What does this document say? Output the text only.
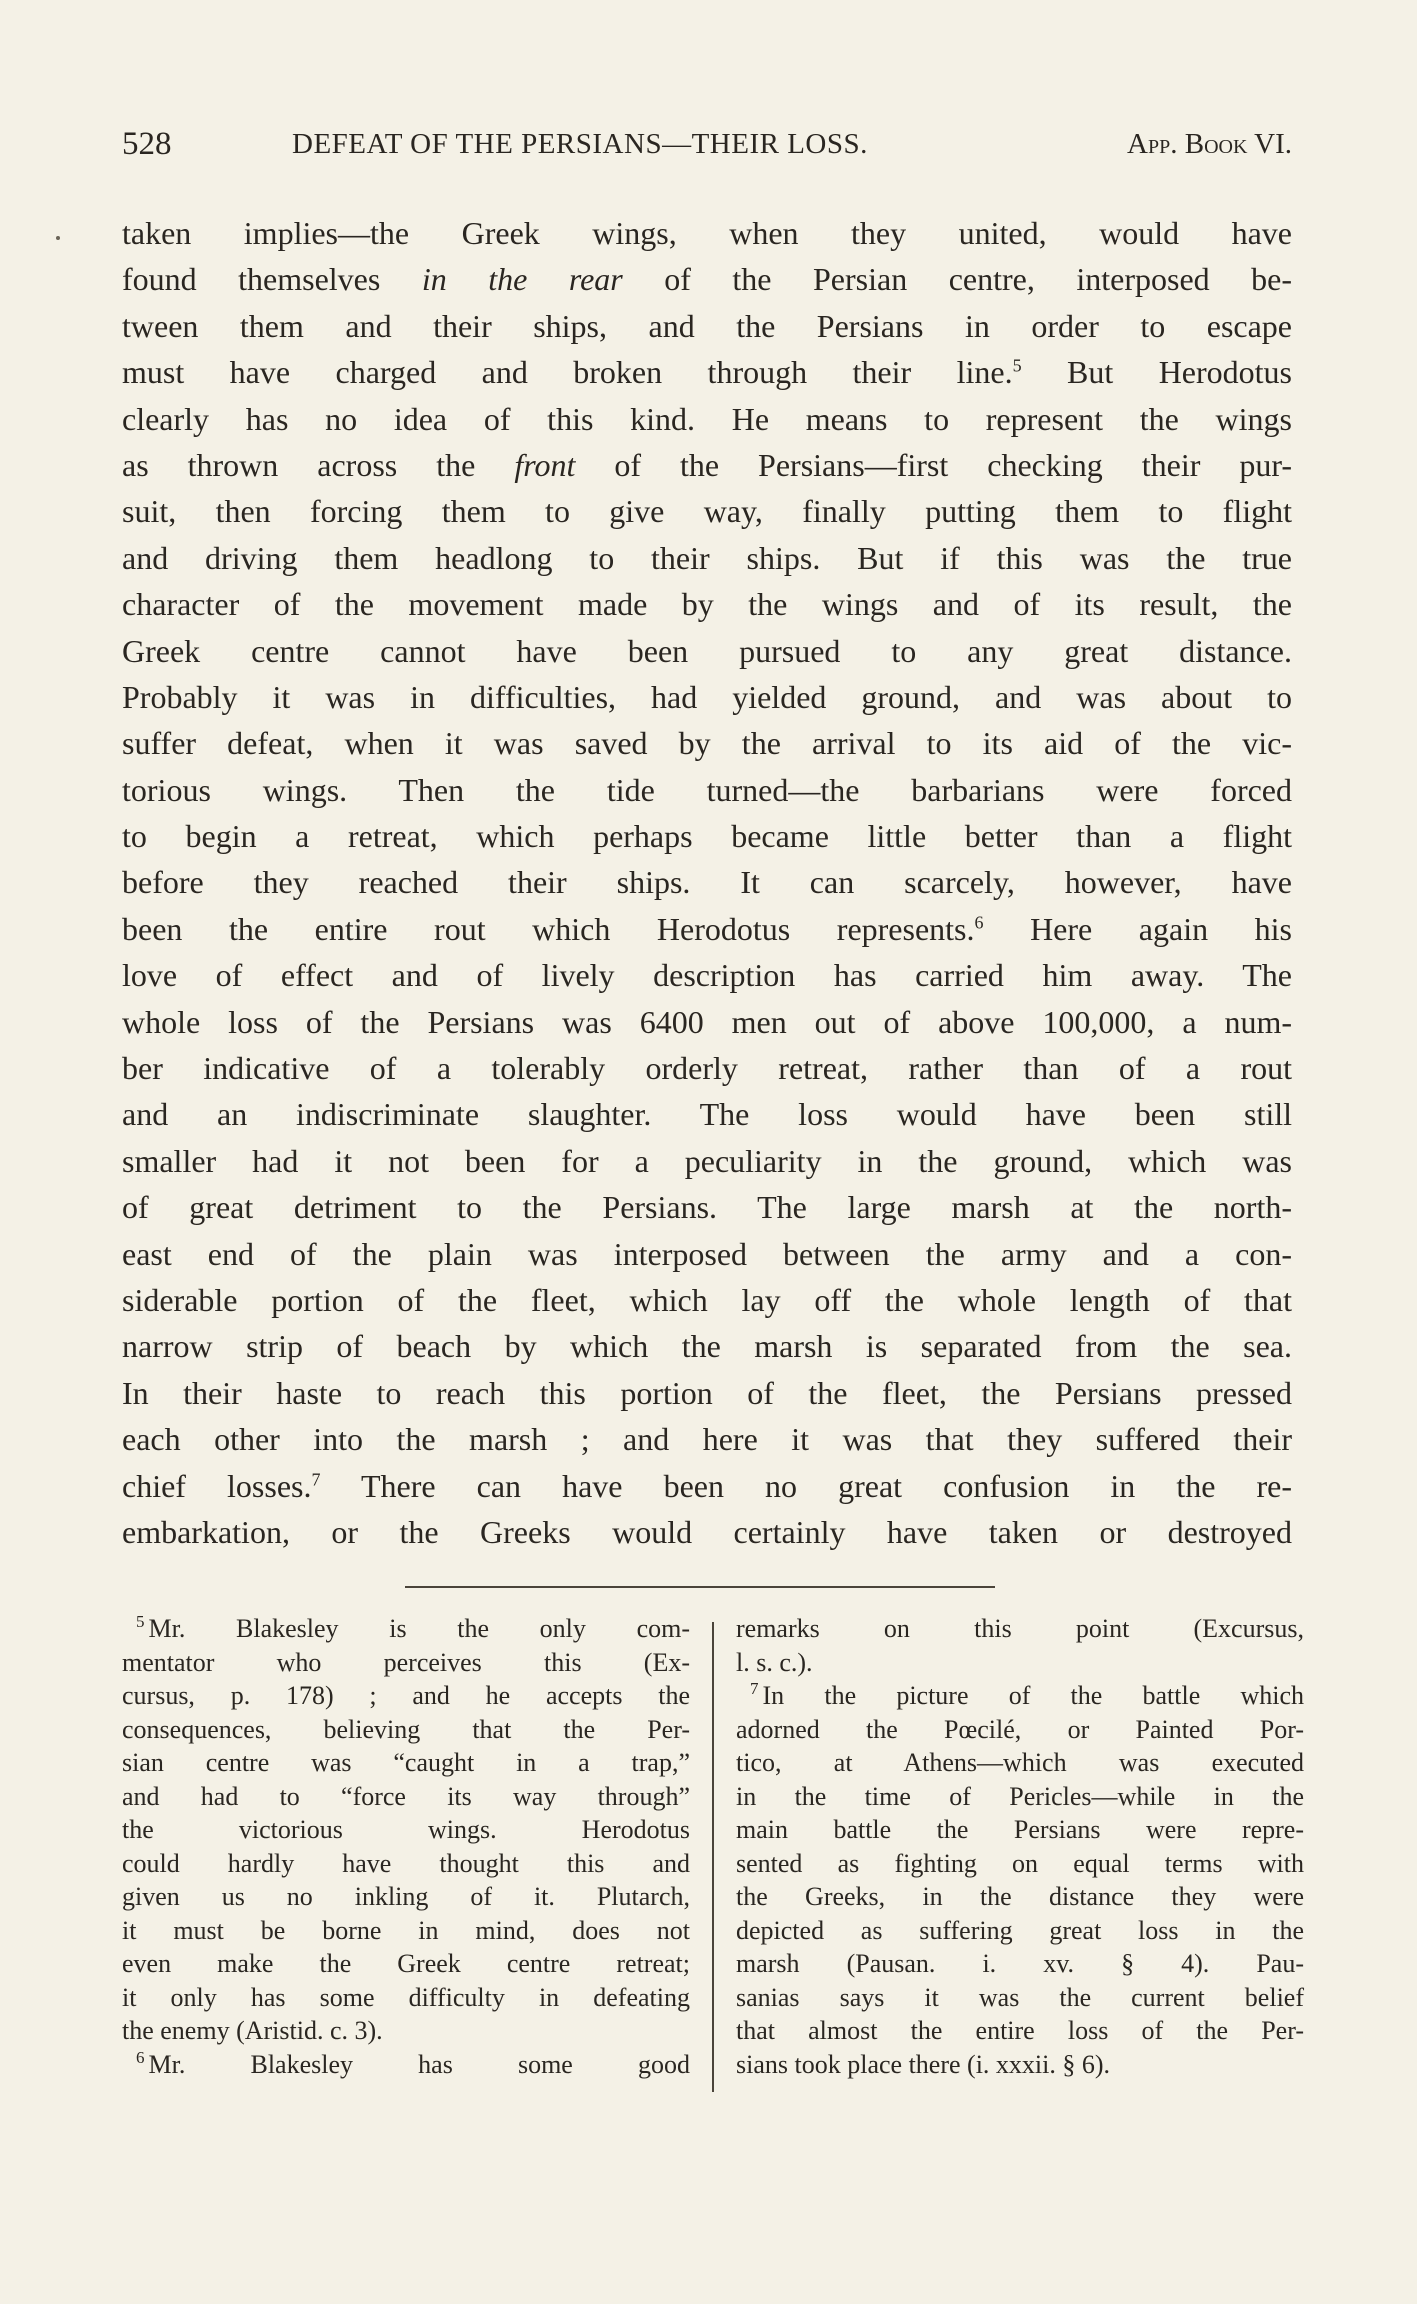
528	DEFEAT OF THE PERSIANS—THEIR LOSS.	App. Book VI.
taken implies—the Greek wings, when they united, would have
found themselves in the rear of the Persian centre, interposed be-
tween them and their ships, and the Persians in order to escape
must have charged and broken through their line.$^5$ But Herodotus
clearly has no idea of this kind. He means to represent the wings
as thrown across the front of the Persians—first checking their pur-
suit, then forcing them to give way, finally putting them to flight
and driving them headlong to their ships. But if this was the true
character of the movement made by the wings and of its result, the
Greek centre cannot have been pursued to any great distance.
Probably it was in difficulties, had yielded ground, and was about to
suffer defeat, when it was saved by the arrival to its aid of the vic-
torious wings. Then the tide turned—the barbarians were forced
to begin a retreat, which perhaps became little better than a flight
before they reached their ships. It can scarcely, however, have
been the entire rout which Herodotus represents.$^6$ Here again his
love of effect and of lively description has carried him away. The
whole loss of the Persians was 6400 men out of above 100,000, a num-
ber indicative of a tolerably orderly retreat, rather than of a rout
and an indiscriminate slaughter. The loss would have been still
smaller had it not been for a peculiarity in the ground, which was
of great detriment to the Persians. The large marsh at the north-
east end of the plain was interposed between the army and a con-
siderable portion of the fleet, which lay off the whole length of that
narrow strip of beach by which the marsh is separated from the sea.
In their haste to reach this portion of the fleet, the Persians pressed
each other into the marsh ; and here it was that they suffered their
chief losses.$^7$ There can have been no great confusion in the re-
embarkation, or the Greeks would certainly have taken or destroyed
$^5$ Mr. Blakesley is the only com-
mentator who perceives this (Ex-
cursus, p. 178) ; and he accepts the
consequences, believing that the Per-
sian centre was “caught in a trap,”
and had to “force its way through”
the victorious wings. Herodotus
could hardly have thought this and
given us no inkling of it. Plutarch,
it must be borne in mind, does not
even make the Greek centre retreat;
it only has some difficulty in defeating
the enemy (Aristid. c. 3).
$^6$ Mr. Blakesley has some good
remarks on this point (Excursus,
l. s. c.).
$^7$ In the picture of the battle which
adorned the Pœcilé, or Painted Por-
tico, at Athens—which was executed
in the time of Pericles—while in the
main battle the Persians were repre-
sented as fighting on equal terms with
the Greeks, in the distance they were
depicted as suffering great loss in the
marsh (Pausan. i. xv. § 4). Pau-
sanias says it was the current belief
that almost the entire loss of the Per-
sians took place there (i. xxxii. § 6).
